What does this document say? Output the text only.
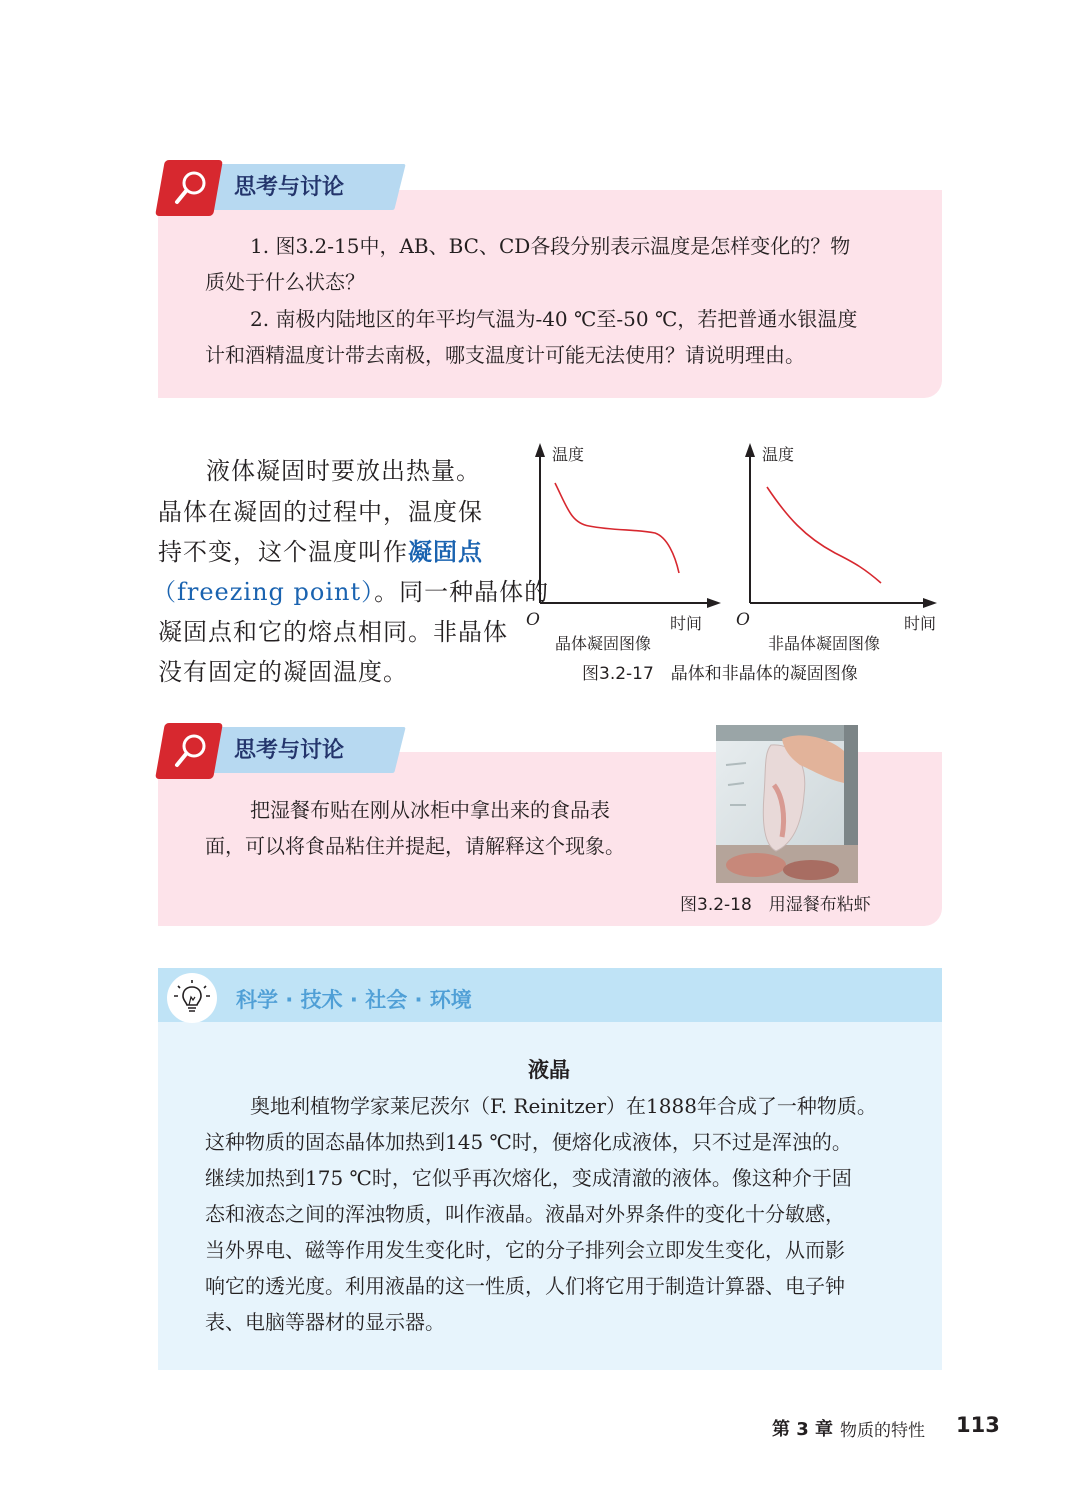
思考与讨论
1. 图3.2-15中，AB、BC、CD各段分别表示温度是怎样变化的？物
质处于什么状态？
2. 南极内陆地区的年平均气温为-40 ℃至-50 ℃，若把普通水银温度
计和酒精温度计带去南极，哪支温度计可能无法使用？请说明理由。
液体凝固时要放出热量。
晶体在凝固的过程中，温度保
持不变，这个温度叫作凝固点
（freezing point）。同一种晶体的
凝固点和它的熔点相同。非晶体
没有固定的凝固温度。
温度	温度
O	O
时间	时间
晶体凝固图像	非晶体凝固图像
图3.2-17　晶体和非晶体的凝固图像
思考与讨论
把湿餐布贴在刚从冰柜中拿出来的食品表
面，可以将食品粘住并提起，请解释这个现象。
图3.2-18　用湿餐布粘虾
科学 · 技术 · 社会 · 环境
液晶
奥地利植物学家莱尼茨尔（F. Reinitzer）在1888年合成了一种物质。
这种物质的固态晶体加热到145 ℃时，便熔化成液体，只不过是浑浊的。
继续加热到175 ℃时，它似乎再次熔化，变成清澈的液体。像这种介于固
态和液态之间的浑浊物质，叫作液晶。液晶对外界条件的变化十分敏感，
当外界电、磁等作用发生变化时，它的分子排列会立即发生变化，从而影
响它的透光度。利用液晶的这一性质，人们将它用于制造计算器、电子钟
表、电脑等器材的显示器。
第 3 章 物质的特性 113
